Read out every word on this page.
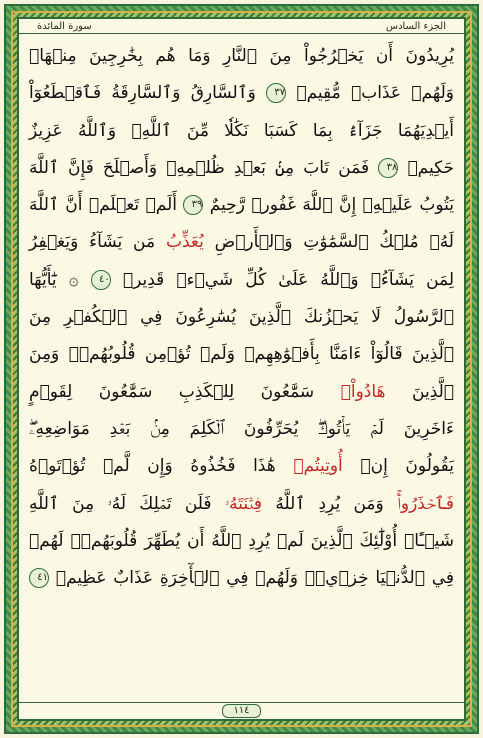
الجزء السادس
سورة المائدة
يُرِيدُونَ أَن يَخۡرُجُواْ مِنَ ٱلنَّارِ وَمَا هُم بِخَٰرِجِينَ مِنۡهَاۖ
وَلَهُمۡ عَذَابٞ مُّقِيمٞ ٣٧ وَٱلسَّارِقُ وَٱلسَّارِقَةُ فَٱقۡطَعُوٓاْ
أَيۡدِيَهُمَا جَزَآءَۢ بِمَا كَسَبَا نَكَٰلٗا مِّنَ ٱللَّهِۗ وَٱللَّهُ عَزِيزٌ
حَكِيمٞ ٣٨ فَمَن تَابَ مِنۢ بَعۡدِ ظُلۡمِهِۦ وَأَصۡلَحَ فَإِنَّ ٱللَّهَ
يَتُوبُ عَلَيۡهِۚ إِنَّ ٱللَّهَ غَفُورٞ رَّحِيمٌ ٣٩ أَلَمۡ تَعۡلَمۡ أَنَّ ٱللَّهَ
لَهُۥ مُلۡكُ ٱلسَّمَٰوَٰتِ وَٱلۡأَرۡضِ يُعَذِّبُ مَن يَشَآءُ وَيَغۡفِرُ
لِمَن يَشَآءُۗ وَٱللَّهُ عَلَىٰ كُلِّ شَيۡءٖ قَدِيرٞ ٤٠ ۞ يَٰٓأَيُّهَا
ٱلرَّسُولُ لَا يَحۡزُنكَ ٱلَّذِينَ يُسَٰرِعُونَ فِي ٱلۡكُفۡرِ مِنَ
ٱلَّذِينَ قَالُوٓاْ ءَامَنَّا بِأَفۡوَٰهِهِمۡ وَلَمۡ تُؤۡمِن قُلُوبُهُمۡۛ وَمِنَ
ٱلَّذِينَ هَادُواْۛ سَمَّٰعُونَ لِلۡكَذِبِ سَمَّٰعُونَ لِقَوۡمٍ
ءَاخَرِينَ لَمۡ يَأۡتُوكَۖ يُحَرِّفُونَ ٱلۡكَلِمَ مِنۢ بَعۡدِ مَوَاضِعِهِۦۖ
يَقُولُونَ إِنۡ أُوتِيتُمۡ هَٰذَا فَخُذُوهُ وَإِن لَّمۡ تُؤۡتَوۡهُ
فَٱحۡذَرُواْۚ وَمَن يُرِدِ ٱللَّهُ فِتۡنَتَهُۥ فَلَن تَمۡلِكَ لَهُۥ مِنَ ٱللَّهِ
شَيۡـًٔاۚ أُوْلَٰٓئِكَ ٱلَّذِينَ لَمۡ يُرِدِ ٱللَّهُ أَن يُطَهِّرَ قُلُوبَهُمۡۚ لَهُمۡ
فِي ٱلدُّنۡيَا خِزۡيٞۖ وَلَهُمۡ فِي ٱلۡأٓخِرَةِ عَذَابٌ عَظِيمٞ ٤١
١١٤
